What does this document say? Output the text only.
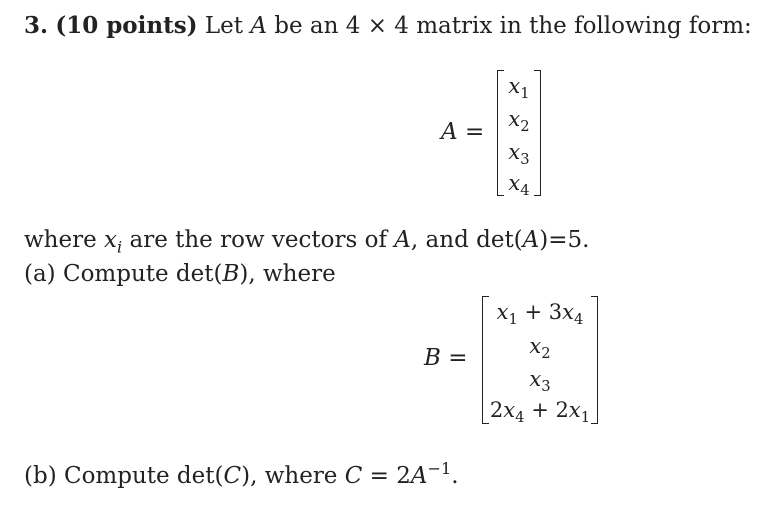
3. (10 points) Let A be an 4 × 4 matrix in the following form:
A =
$x_1$
$x_2$
$x_3$
$x_4$
where $x_i$ are the row vectors of A, and det(A)=5.
(a) Compute det(B), where
B =
$x_1 + 3x_4$
$x_2$
$x_3$
$2x_4 + 2x_1$
(b) Compute det(C), where $C = 2A^{-1}$.
